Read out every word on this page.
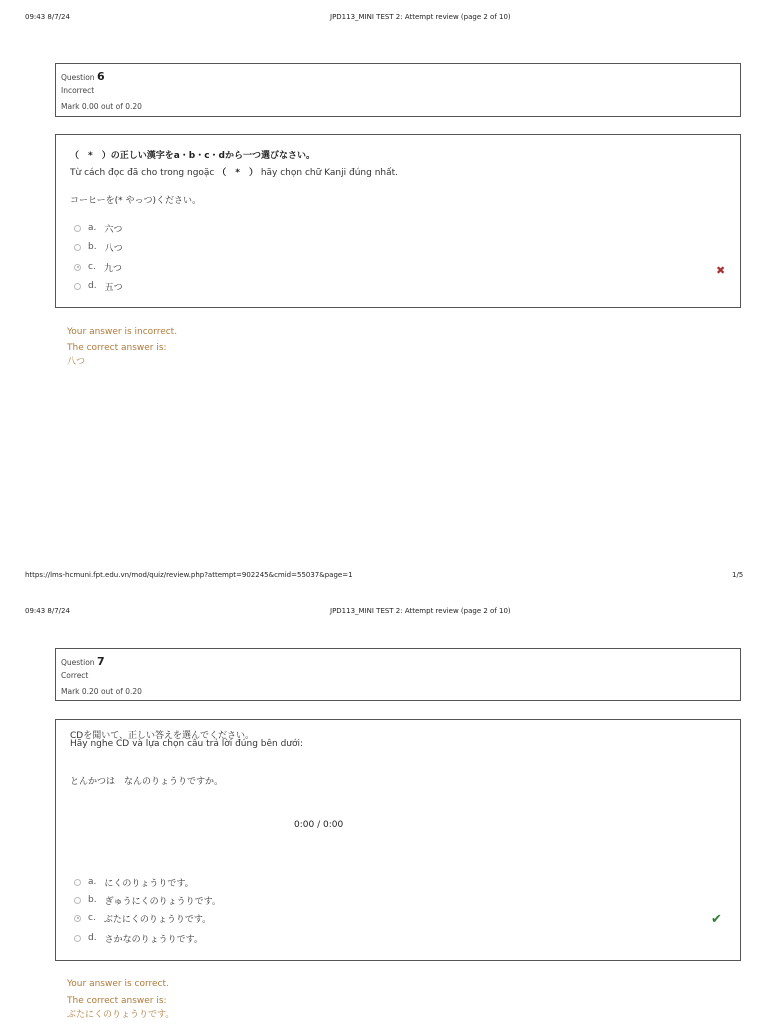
09:43 8/7/24	JPD113_MINI TEST 2: Attempt review (page 2 of 10)
Question 6
Incorrect
Mark 0.00 out of 0.20
（　*　）の正しい漢字をa・b・c・dから一つ選びなさい。
Từ cách đọc đã cho trong ngoặc （　*　） hãy chọn chữ Kanji đúng nhất.
コーヒーを(* やっつ)ください。
a. 六つ
b. 八つ
c. 九つ
d. 五つ
✖
Your answer is incorrect.
The correct answer is:
八つ
https://lms-hcmuni.fpt.edu.vn/mod/quiz/review.php?attempt=902245&cmid=55037&page=1	1/5
09:43 8/7/24	JPD113_MINI TEST 2: Attempt review (page 2 of 10)
Question 7
Correct
Mark 0.20 out of 0.20
CDを聞いて、正しい答えを選んでください。
Hãy nghe CD và lựa chọn câu trả lời đúng bên dưới:
とんかつは　なんのりょうりですか。
0:00 / 0:00
a. にくのりょうりです。
b. ぎゅうにくのりょうりです。
c. ぶたにくのりょうりです。
d. さかなのりょうりです。
✔
Your answer is correct.
The correct answer is:
ぶたにくのりょうりです。
